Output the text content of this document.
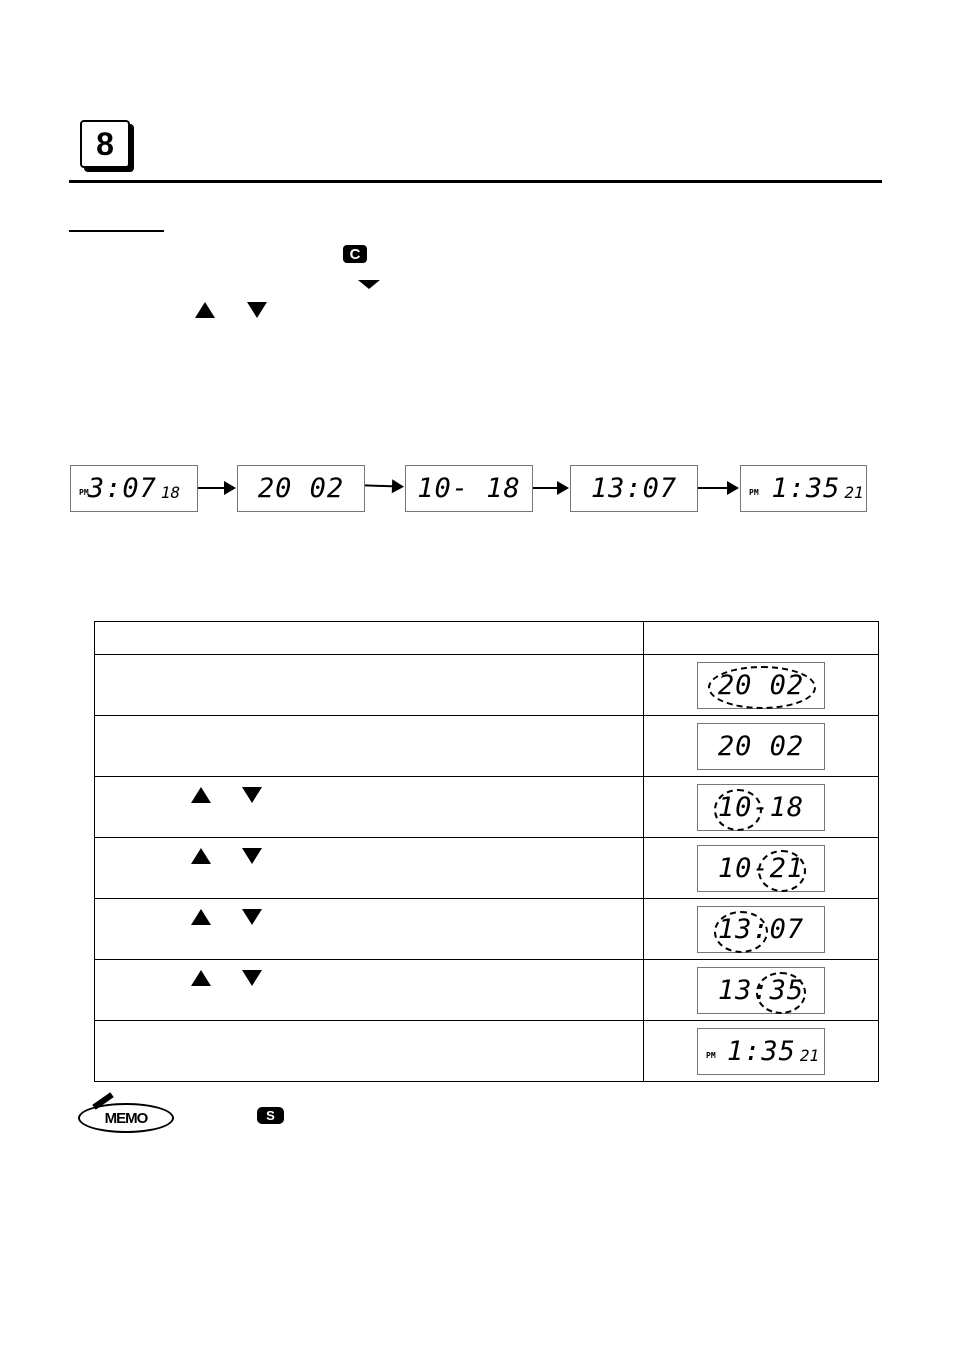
8
C
PM 3:07 18	20 02	10- 18	13:07	PM 1:35 21

	20 02

	20 02

	10-18

	10-21

	13:07

	13:35

	PM 1:35 21
MEMO	S
